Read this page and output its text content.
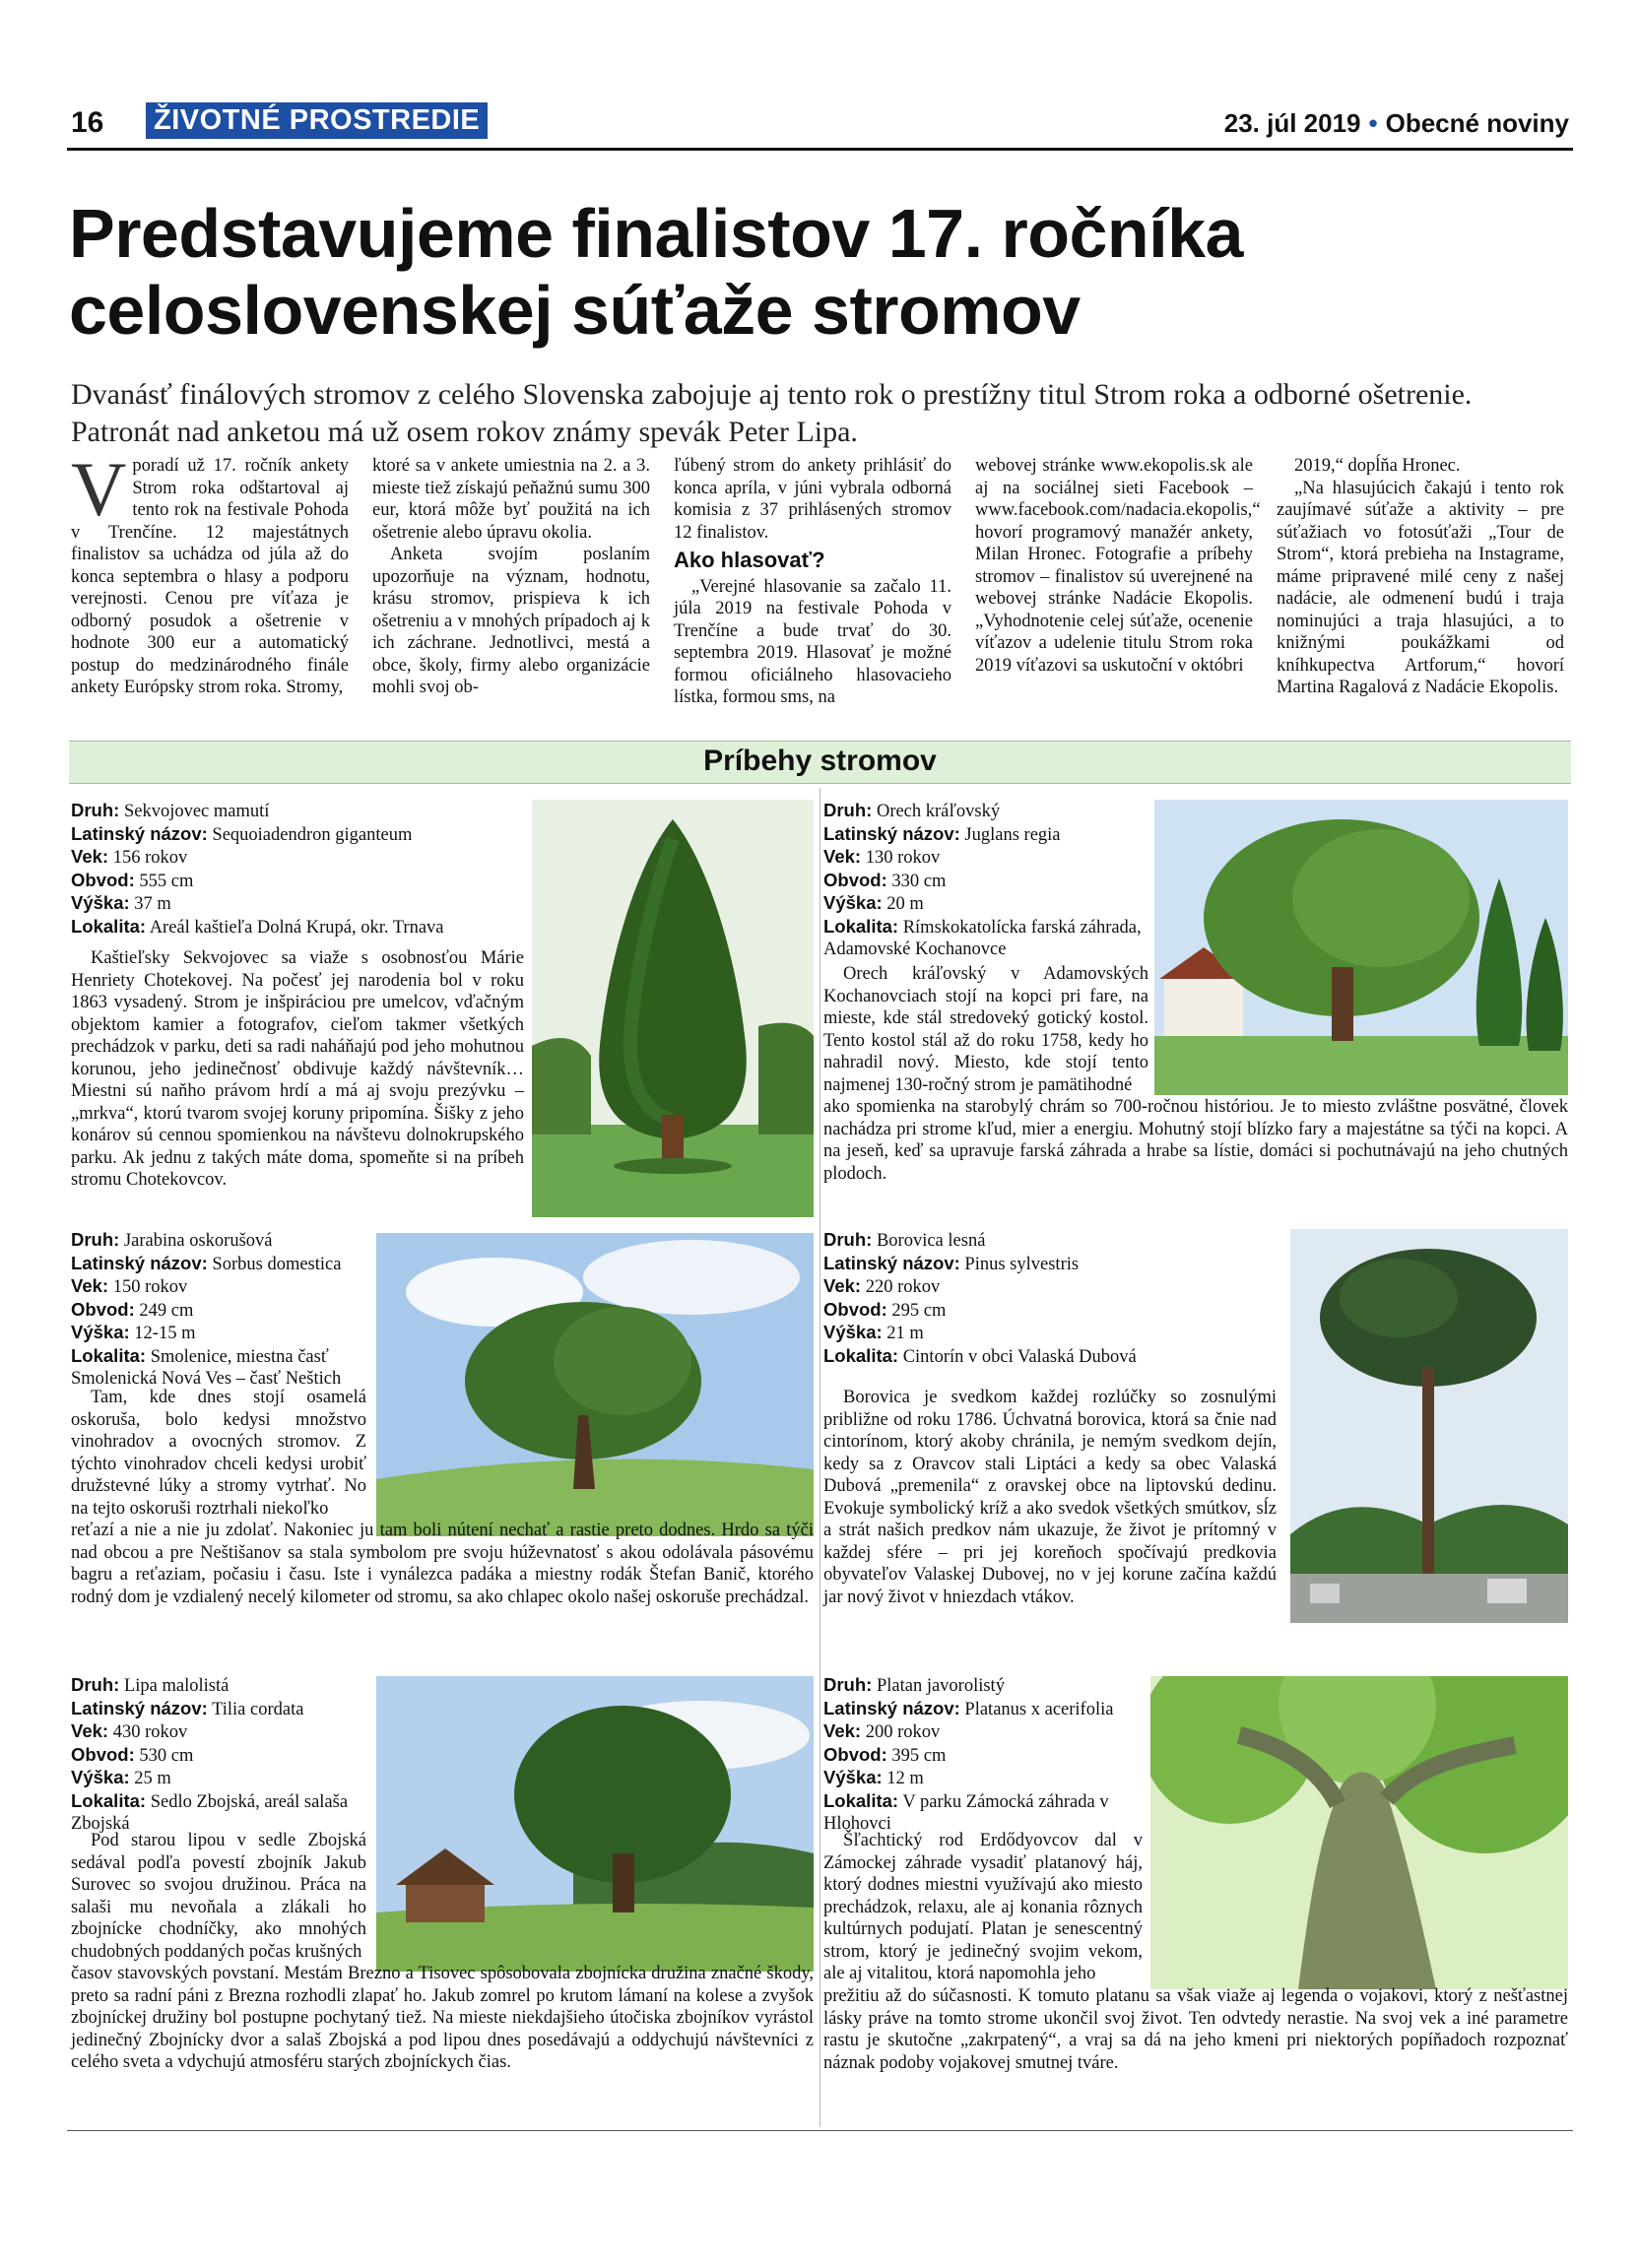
16 ŽIVOTNÉ PROSTREDIE	23. júl 2019 • Obecné noviny
Predstavujeme finalistov 17. ročníka
celoslovenskej súťaže stromov
Dvanásť finálových stromov z celého Slovenska zabojuje aj tento rok o prestížny titul Strom roka a odborné ošetrenie. Patronát nad anketou má už osem rokov známy spevák Peter Lipa.
Vporadí už 17. ročník ankety Strom roka odštartoval aj tento rok na festivale Pohoda v Trenčíne. 12 majestátnych finalistov sa uchádza od júla až do konca septembra o hlasy a podporu verejnosti. Cenou pre víťaza je odborný posudok a ošetrenie v hodnote 300 eur a automatický postup do medzinárodného finále ankety Európsky strom roka. Stromy,

ktoré sa v ankete umiestnia na 2. a 3. mieste tiež získajú peňažnú sumu 300 eur, ktorá môže byť použitá na ich ošetrenie alebo úpravu okolia.

Anketa svojím poslaním upozorňuje na význam, hodnotu, krásu stromov, prispieva k ich ošetreniu a v mnohých prípadoch aj k ich záchrane. Jednotlivci, mestá a obce, školy, firmy alebo organizácie mohli svoj ob-

ľúbený strom do ankety prihlásiť do konca apríla, v júni vybrala odborná komisia z 37 prihlásených stromov 12 finalistov.

Ako hlasovať?

„Verejné hlasovanie sa začalo 11. júla 2019 na festivale Pohoda v Trenčíne a bude trvať do 30. septembra 2019. Hlasovať je možné formou oficiálneho hlasovacieho lístka, formou sms, na

webovej stránke www.ekopolis.sk ale aj na sociálnej sieti Facebook – www.facebook.com/nadacia.ekopolis,“ hovorí programový manažér ankety, Milan Hronec. Fotografie a príbehy stromov – finalistov sú uverejnené na webovej stránke Nadácie Ekopolis. „Vyhodnotenie celej súťaže, ocenenie víťazov a udelenie titulu Strom roka 2019 víťazovi sa uskutoční v októbri

2019,“ dopĺňa Hronec.

„Na hlasujúcich čakajú i tento rok zaujímavé súťaže a aktivity – pre súťažiach vo fotosúťaži „Tour de Strom“, ktorá prebieha na Instagrame, máme pripravené milé ceny z našej nadácie, ale odmenení budú i traja nominujúci a traja hlasujúci, a to knižnými poukážkami od kníhkupectva Artforum,“ hovorí Martina Ragalová z Nadácie Ekopolis.

Príbehy stromov
Druh: Sekvojovec mamutí
Latinský názov: Sequoiadendron giganteum
Vek: 156 rokov
Obvod: 555 cm
Výška: 37 m
Lokalita: Areál kaštieľa Dolná Krupá, okr. Trnava
Kaštieľsky Sekvojovec sa viaže s osobnosťou Márie Henriety Chotekovej. Na počesť jej narodenia bol v roku 1863 vysadený. Strom je inšpiráciou pre umelcov, vďačným objektom kamier a fotografov, cieľom takmer všetkých prechádzok v parku, deti sa radi naháňajú pod jeho mohutnou korunou, jeho jedinečnosť obdivuje každý návštevník… Miestni sú naňho právom hrdí a má aj svoju prezývku – „mrkva“, ktorú tvarom svojej koruny pripomína. Šišky z jeho konárov sú cennou spomienkou na návštevu dolnokrupského parku. Ak jednu z takých máte doma, spomeňte si na príbeh stromu Chotekovcov.
Druh: Orech kráľovský
Latinský názov: Juglans regia
Vek: 130 rokov
Obvod: 330 cm
Výška: 20 m
Lokalita: Rímskokatolícka farská záhrada, Adamovské Kochanovce
Orech kráľovský v Adamovských Kochanovciach stojí na kopci pri fare, na mieste, kde stál stredoveký gotický kostol. Tento kostol stál až do roku 1758, kedy ho nahradil nový. Miesto, kde stojí tento najmenej 130-ročný strom je pamätihodné
Druh: Jarabina oskorušová
Latinský názov: Sorbus domestica
Vek: 150 rokov
Obvod: 249 cm
Výška: 12-15 m
Lokalita: Smolenice, miestna časť Smolenická Nová Ves – časť Neštich
Druh: Borovica lesná
Latinský názov: Pinus sylvestris
Vek: 220 rokov
Obvod: 295 cm
Výška: 21 m
Lokalita: Cintorín v obci Valaská Dubová
Borovica je svedkom každej rozlúčky so zosnulými približne od roku 1786. Úchvatná borovica, ktorá sa čnie nad cintorínom, ktorý akoby chránila, je nemým svedkom dejín, kedy sa z Oravcov stali Liptáci a kedy sa obec Valaská Dubová „premenila“ z oravskej obce na liptovskú dedinu. Evokuje symbolický kríž a ako svedok všetkých smútkov, sĺz a strát našich predkov nám ukazuje, že život je prítomný v každej sfére – pri jej koreňoch spočívajú predkovia obyvateľov Valaskej Dubovej, no v jej korune začína každú jar nový život v hniezdach vtákov.
Druh: Lipa malolistá
Latinský názov: Tilia cordata
Vek: 430 rokov
Obvod: 530 cm
Výška: 25 m
Lokalita: Sedlo Zbojská, areál salaša Zbojská
Druh: Platan javorolistý
Latinský názov: Platanus x acerifolia
Vek: 200 rokov
Obvod: 395 cm
Výška: 12 m
Lokalita: V parku Zámocká záhrada v Hlohovci
Tam, kde dnes stojí osamelá oskoruša, bolo kedysi množstvo vinohradov a ovocných stromov. Z týchto vinohradov chceli kedysi urobiť družstevné lúky a stromy vytrhať. No na tejto oskoruši roztrhali niekoľko
Pod starou lipou v sedle Zbojská sedával podľa povestí zbojník Jakub Surovec so svojou družinou. Práca na salaši mu nevoňala a zlákali ho zbojnícke chodníčky, ako mnohých chudobných poddaných počas krušných
Šľachtický rod Erdődyovcov dal v Zámockej záhrade vysadiť platanový háj, ktorý dodnes miestni využívajú ako miesto prechádzok, relaxu, ale aj konania rôznych kultúrnych podujatí. Platan je senescentný strom, ktorý je jedinečný svojim vekom, ale aj vitalitou, ktorá napomohla jeho
ako spomienka na starobylý chrám so 700-ročnou históriou. Je to miesto zvláštne posvätné, človek nachádza pri strome kľud, mier a energiu. Mohutný stojí blízko fary a majestátne sa týči na kopci. A na jeseň, keď sa upravuje farská záhrada a hrabe sa lístie, domáci si pochutnávajú na jeho chutných plodoch.
reťazí a nie a nie ju zdolať. Nakoniec ju tam boli nútení nechať a rastie preto dodnes. Hrdo sa týči nad obcou a pre Neštišanov sa stala symbolom pre svoju húževnatosť s akou odolávala pásovému bagru a reťaziam, počasiu i času. Iste i vynálezca padáka a miestny rodák Štefan Banič, ktorého rodný dom je vzdialený necelý kilometer od stromu, sa ako chlapec okolo našej oskoruše prechádzal.
časov stavovských povstaní. Mestám Brezno a Tisovec spôsobovala zbojnícka družina značné škody, preto sa radní páni z Brezna rozhodli zlapať ho. Jakub zomrel po krutom lámaní na kolese a zvyšok zbojníckej družiny bol postupne pochytaný tiež. Na mieste niekdajšieho útočiska zbojníkov vyrástol jedinečný Zbojnícky dvor a salaš Zbojská a pod lipou dnes posedávajú a oddychujú návštevníci z celého sveta a vdychujú atmosféru starých zbojníckych čias.
prežitiu až do súčasnosti. K tomuto platanu sa však viaže aj legenda o vojakovi, ktorý z nešťastnej lásky práve na tomto strome ukončil svoj život. Ten odvtedy nerastie. Na svoj vek a iné parametre rastu je skutočne „zakrpatený“, a vraj sa dá na jeho kmeni pri niektorých popíňadoch rozpoznať náznak podoby vojakovej smutnej tváre.
